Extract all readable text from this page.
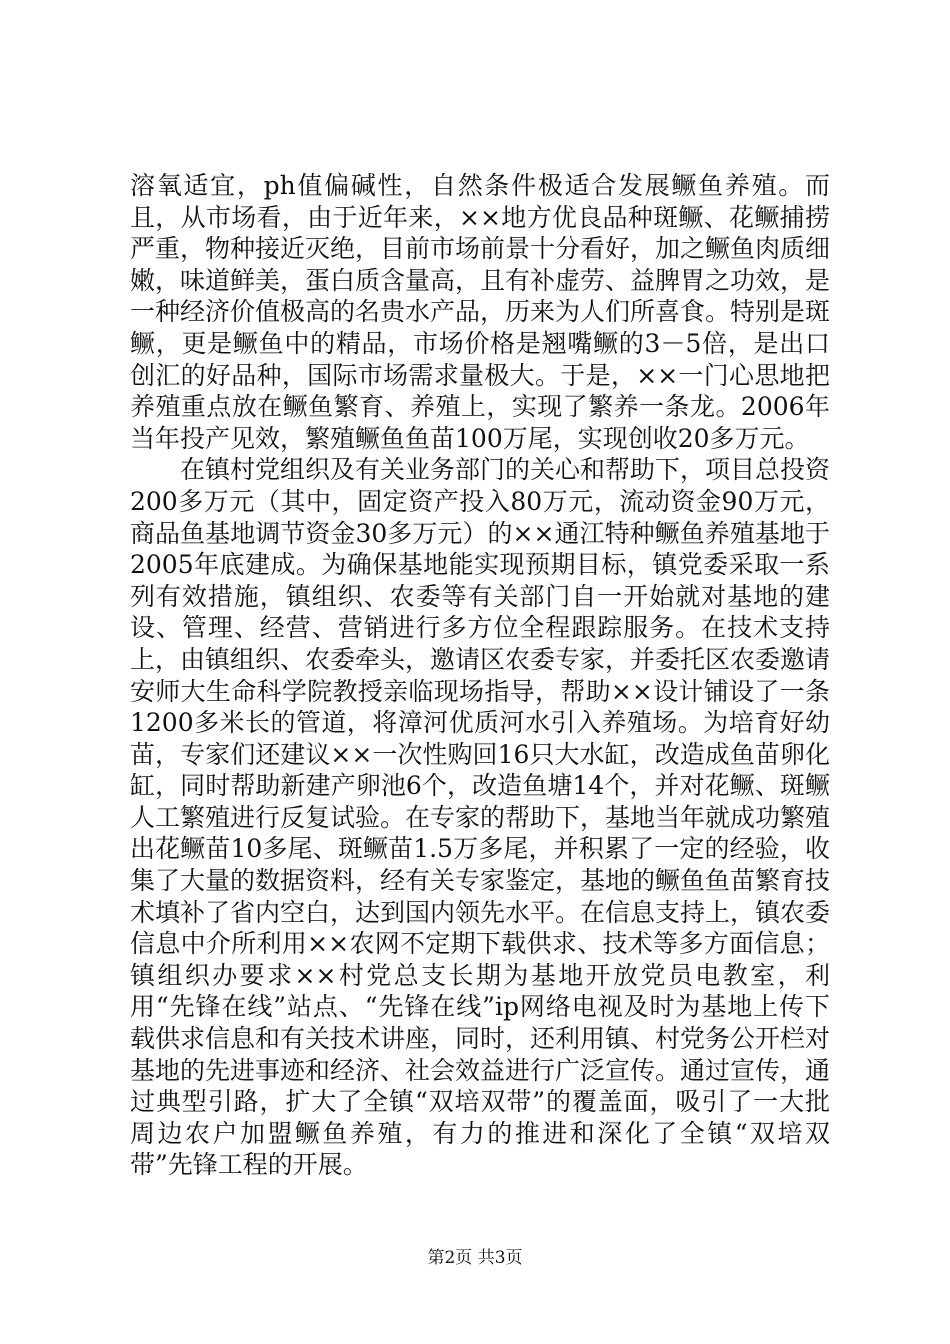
溶氧适宜，ph值偏碱性，自然条件极适合发展鳜鱼养殖。而且，从市场看，由于近年来，××地方优良品种斑鳜、花鳜捕捞严重，物种接近灭绝，目前市场前景十分看好，加之鳜鱼肉质细嫩，味道鲜美，蛋白质含量高，且有补虚劳、益脾胃之功效，是一种经济价值极高的名贵水产品，历来为人们所喜食。特别是斑鳜，更是鳜鱼中的精品，市场价格是翘嘴鳜的3－5倍，是出口创汇的好品种，国际市场需求量极大。于是，××一门心思地把养殖重点放在鳜鱼繁育、养殖上，实现了繁养一条龙。2006年当年投产见效，繁殖鳜鱼鱼苗100万尾，实现创收20多万元。

在镇村党组织及有关业务部门的关心和帮助下，项目总投资200多万元（其中，固定资产投入80万元，流动资金90万元，商品鱼基地调节资金30多万元）的××通江特种鳜鱼养殖基地于2005年底建成。为确保基地能实现预期目标，镇党委采取一系列有效措施，镇组织、农委等有关部门自一开始就对基地的建设、管理、经营、营销进行多方位全程跟踪服务。在技术支持上，由镇组织、农委牵头，邀请区农委专家，并委托区农委邀请安师大生命科学院教授亲临现场指导，帮助××设计铺设了一条1200多米长的管道，将漳河优质河水引入养殖场。为培育好幼苗，专家们还建议××一次性购回16只大水缸，改造成鱼苗卵化缸，同时帮助新建产卵池6个，改造鱼塘14个，并对花鳜、斑鳜人工繁殖进行反复试验。在专家的帮助下，基地当年就成功繁殖出花鳜苗10多尾、斑鳜苗1.5万多尾，并积累了一定的经验，收集了大量的数据资料，经有关专家鉴定，基地的鳜鱼鱼苗繁育技术填补了省内空白，达到国内领先水平。在信息支持上，镇农委信息中介所利用××农网不定期下载供求、技术等多方面信息；镇组织办要求××村党总支长期为基地开放党员电教室，利用“先锋在线”站点、“先锋在线”ip网络电视及时为基地上传下载供求信息和有关技术讲座，同时，还利用镇、村党务公开栏对基地的先进事迹和经济、社会效益进行广泛宣传。通过宣传，通过典型引路，扩大了全镇“双培双带”的覆盖面，吸引了一大批周边农户加盟鳜鱼养殖，有力的推进和深化了全镇“双培双带”先锋工程的开展。

第2页 共3页
